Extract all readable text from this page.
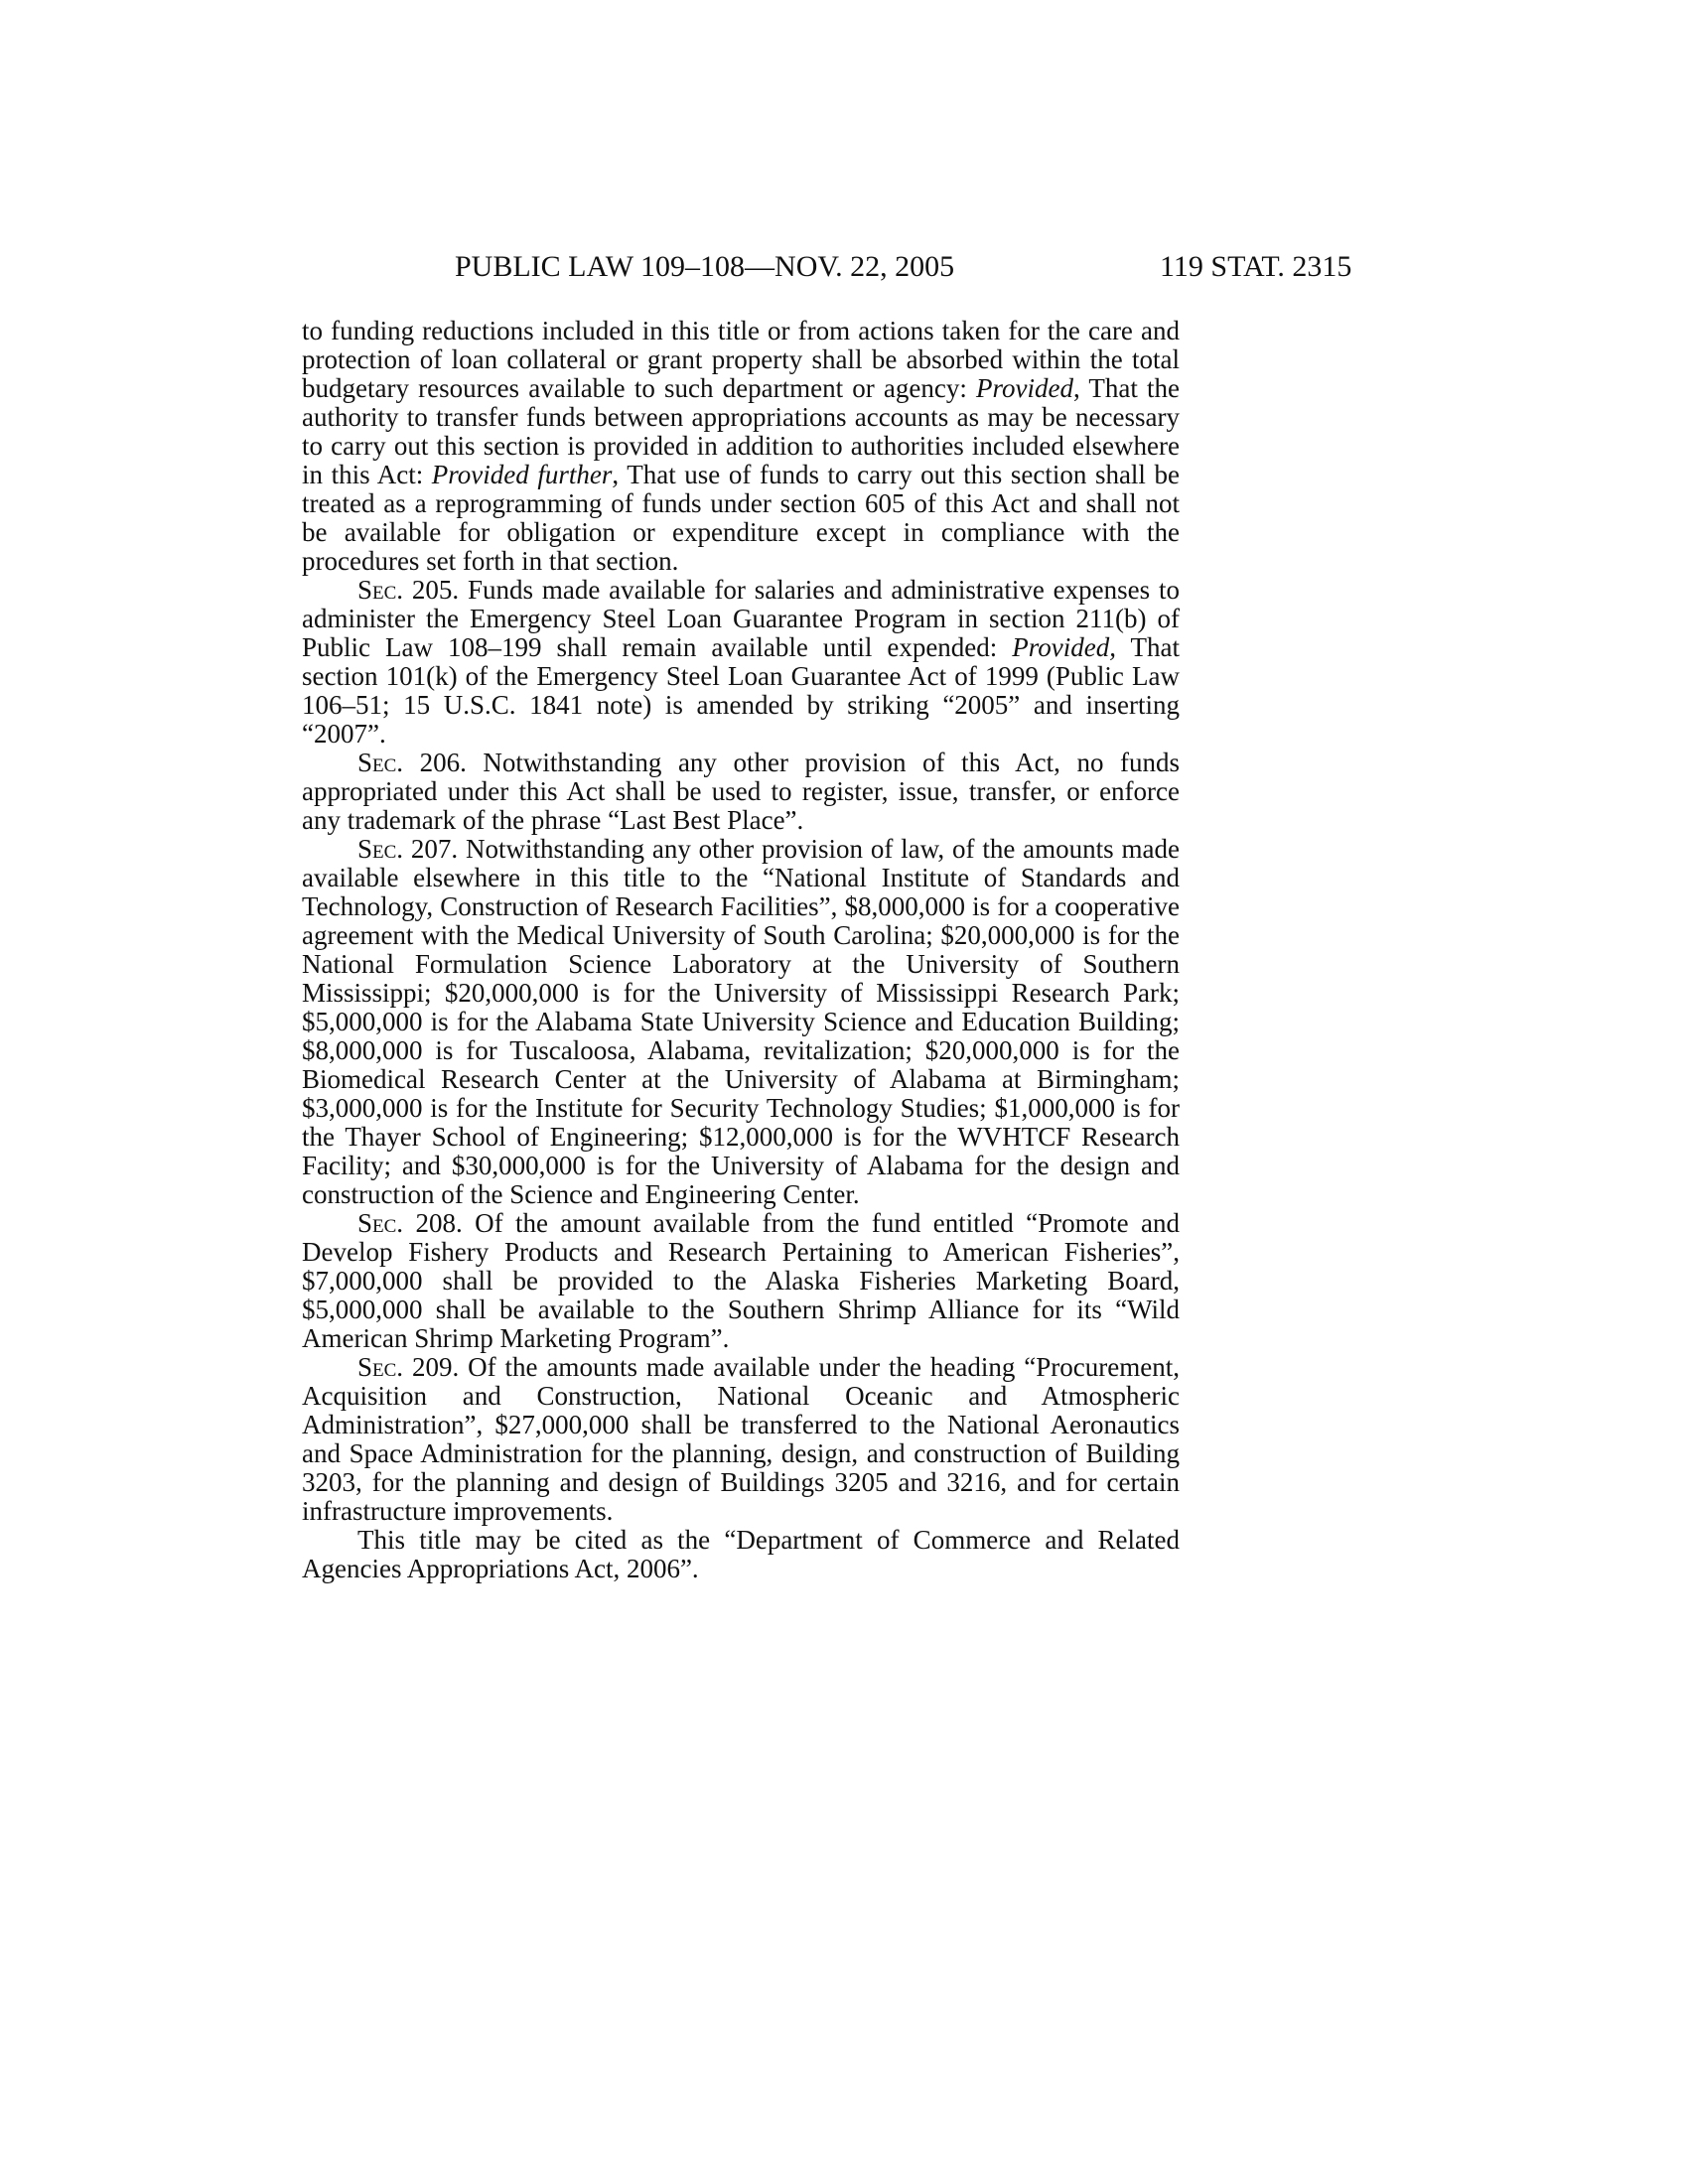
PUBLIC LAW 109–108—NOV. 22, 2005	119 STAT. 2315

to funding reductions included in this title or from actions taken for the care and protection of loan collateral or grant property shall be absorbed within the total budgetary resources available to such department or agency: Provided, That the authority to transfer funds between appropriations accounts as may be necessary to carry out this section is provided in addition to authorities included elsewhere in this Act: Provided further, That use of funds to carry out this section shall be treated as a reprogramming of funds under section 605 of this Act and shall not be available for obligation or expenditure except in compliance with the procedures set forth in that section.

Sec. 205. Funds made available for salaries and administrative expenses to administer the Emergency Steel Loan Guarantee Program in section 211(b) of Public Law 108–199 shall remain available until expended: Provided, That section 101(k) of the Emergency Steel Loan Guarantee Act of 1999 (Public Law 106–51; 15 U.S.C. 1841 note) is amended by striking “2005” and inserting “2007”.

Sec. 206. Notwithstanding any other provision of this Act, no funds appropriated under this Act shall be used to register, issue, transfer, or enforce any trademark of the phrase “Last Best Place”.

Sec. 207. Notwithstanding any other provision of law, of the amounts made available elsewhere in this title to the “National Institute of Standards and Technology, Construction of Research Facilities”, $8,000,000 is for a cooperative agreement with the Medical University of South Carolina; $20,000,000 is for the National Formulation Science Laboratory at the University of Southern Mississippi; $20,000,000 is for the University of Mississippi Research Park; $5,000,000 is for the Alabama State University Science and Education Building; $8,000,000 is for Tuscaloosa, Alabama, revitalization; $20,000,000 is for the Biomedical Research Center at the University of Alabama at Birmingham; $3,000,000 is for the Institute for Security Technology Studies; $1,000,000 is for the Thayer School of Engineering; $12,000,000 is for the WVHTCF Research Facility; and $30,000,000 is for the University of Alabama for the design and construction of the Science and Engineering Center.

Sec. 208. Of the amount available from the fund entitled “Promote and Develop Fishery Products and Research Pertaining to American Fisheries”, $7,000,000 shall be provided to the Alaska Fisheries Marketing Board, $5,000,000 shall be available to the Southern Shrimp Alliance for its “Wild American Shrimp Marketing Program”.

Sec. 209. Of the amounts made available under the heading “Procurement, Acquisition and Construction, National Oceanic and Atmospheric Administration”, $27,000,000 shall be transferred to the National Aeronautics and Space Administration for the planning, design, and construction of Building 3203, for the planning and design of Buildings 3205 and 3216, and for certain infrastructure improvements.

This title may be cited as the “Department of Commerce and Related Agencies Appropriations Act, 2006”.
